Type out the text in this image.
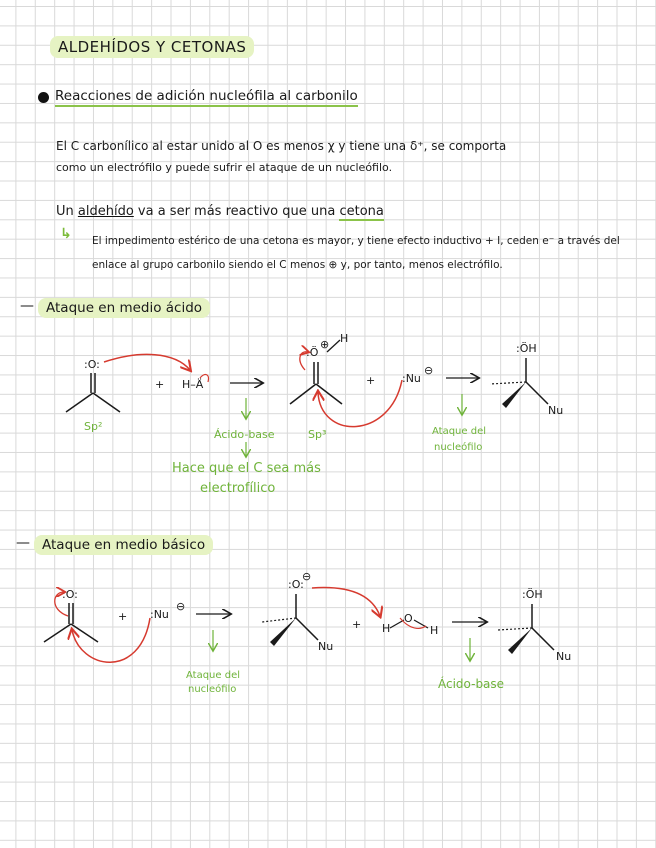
ALDEHÍDOS Y CETONAS
Reacciones de adición nucleófila al carbonilo
El C carbonílico al estar unido al O es menos χ y tiene una δ⁺, se comporta
como un electrófilo y puede sufrir el ataque de un nucleófilo.
Un aldehído va a ser más reactivo que una cetona
↳ El impedimento estérico de una cetona es mayor, y tiene efecto inductivo + I, ceden e⁻ a través del
enlace al grupo carbonilo siendo el C menos ⊕ y, por tanto, menos electrófilo.
— Ataque en medio ácido
— Ataque en medio básico
:O:
Sp²
+ H–Ä
Ácido-base
Hace que el C sea más
electrofílico
:Ö
⊕ H
Sp³
+ :Nu
⊖
Ataque del
nucleófilo
:ÖH
Nu
:O:
+ :Nu
⊖
Ataque del
nucleófilo
:O:
⊖
Nu
+ H
O
H
Ácido-base
:ÖH
Nu
